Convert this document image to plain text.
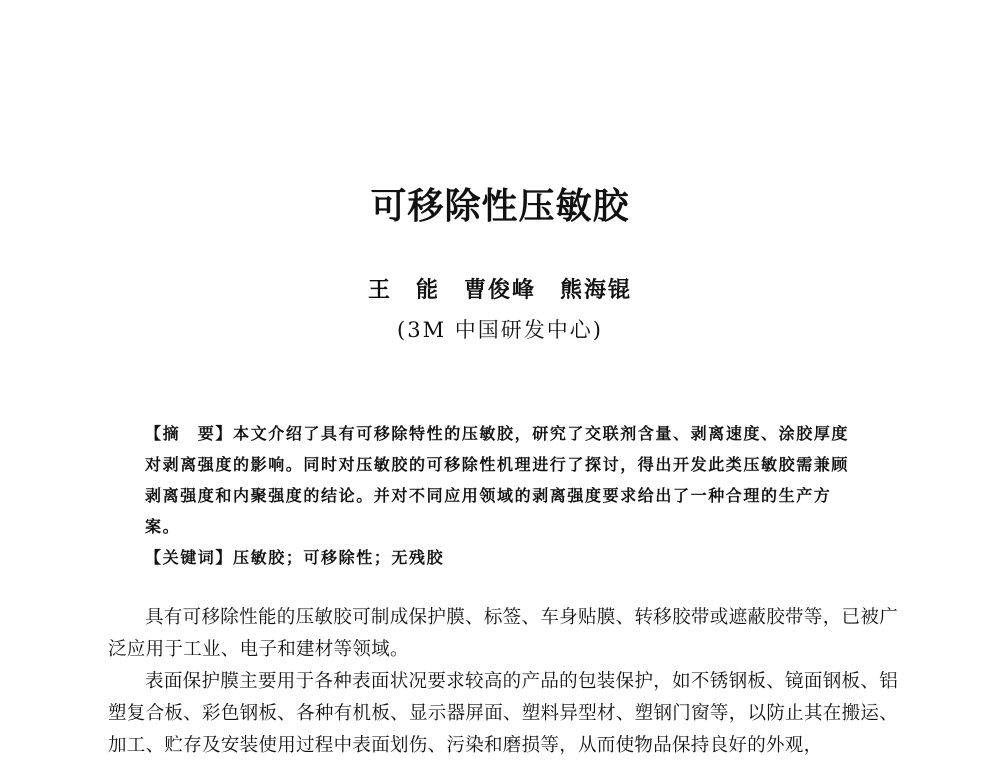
可移除性压敏胶
王　能　曹俊峰　熊海锟
(3M 中国研发中心)

【摘　要】本文介绍了具有可移除特性的压敏胶，研究了交联剂含量、剥离速度、涂胶厚度对剥离强度的影响。同时对压敏胶的可移除性机理进行了探讨，得出开发此类压敏胶需兼顾剥离强度和内聚强度的结论。并对不同应用领域的剥离强度要求给出了一种合理的生产方案。

【关键词】压敏胶；可移除性；无残胶

具有可移除性能的压敏胶可制成保护膜、标签、车身贴膜、转移胶带或遮蔽胶带等，已被广泛应用于工业、电子和建材等领域。

表面保护膜主要用于各种表面状况要求较高的产品的包装保护，如不锈钢板、镜面钢板、铝塑复合板、彩色钢板、各种有机板、显示器屏面、塑料异型材、塑钢门窗等，以防止其在搬运、加工、贮存及安装使用过程中表面划伤、污染和磨损等，从而使物品保持良好的外观，
